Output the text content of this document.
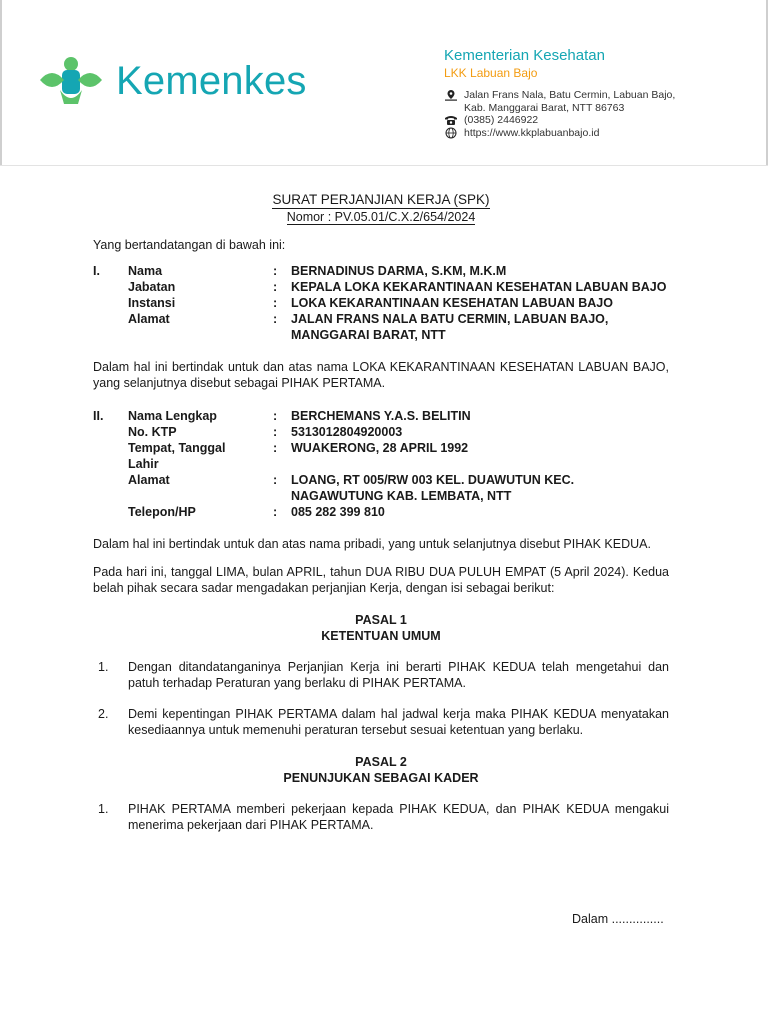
Kemenkes
Kementerian Kesehatan
LKK Labuan Bajo
Jalan Frans Nala, Batu Cermin, Labuan Bajo,
Kab. Manggarai Barat, NTT 86763
(0385) 2446922
https://www.kkplabuanbajo.id
SURAT PERJANJIAN KERJA (SPK)
Nomor : PV.05.01/C.X.2/654/2024

Yang bertandatangan di bawah ini:

I. Nama	: BERNADINUS DARMA, S.KM, M.K.M
Jabatan	: KEPALA LOKA KEKARANTINAAN KESEHATAN LABUAN BAJO
Instansi	: LOKA KEKARANTINAAN KESEHATAN LABUAN BAJO
Alamat	: JALAN FRANS NALA BATU CERMIN, LABUAN BAJO, MANGGARAI BARAT, NTT

Dalam hal ini bertindak untuk dan atas nama LOKA KEKARANTINAAN KESEHATAN LABUAN BAJO, yang selanjutnya disebut sebagai PIHAK PERTAMA.

II. Nama Lengkap	: BERCHEMANS Y.A.S. BELITIN
No. KTP	: 5313012804920003
Tempat, Tanggal Lahir
: WUAKERONG, 28 APRIL 1992
Alamat	: LOANG, RT 005/RW 003 KEL. DUAWUTUN KEC. NAGAWUTUNG KAB. LEMBATA, NTT
Telepon/HP	: 085 282 399 810

Dalam hal ini bertindak untuk dan atas nama pribadi, yang untuk selanjutnya disebut PIHAK KEDUA.

Pada hari ini, tanggal LIMA, bulan APRIL, tahun DUA RIBU DUA PULUH EMPAT (5 April 2024). Kedua belah pihak secara sadar mengadakan perjanjian Kerja, dengan isi sebagai berikut:

PASAL 1
KETENTUAN UMUM
1. Dengan ditandatanganinya Perjanjian Kerja ini berarti PIHAK KEDUA telah mengetahui dan patuh terhadap Peraturan yang berlaku di PIHAK PERTAMA.
2. Demi kepentingan PIHAK PERTAMA dalam hal jadwal kerja maka PIHAK KEDUA menyatakan kesediaannya untuk memenuhi peraturan tersebut sesuai ketentuan yang berlaku.
PASAL 2
PENUNJUKAN SEBAGAI KADER
1. PIHAK PERTAMA memberi pekerjaan kepada PIHAK KEDUA, dan PIHAK KEDUA mengakui menerima pekerjaan dari PIHAK PERTAMA.
Dalam ...............
